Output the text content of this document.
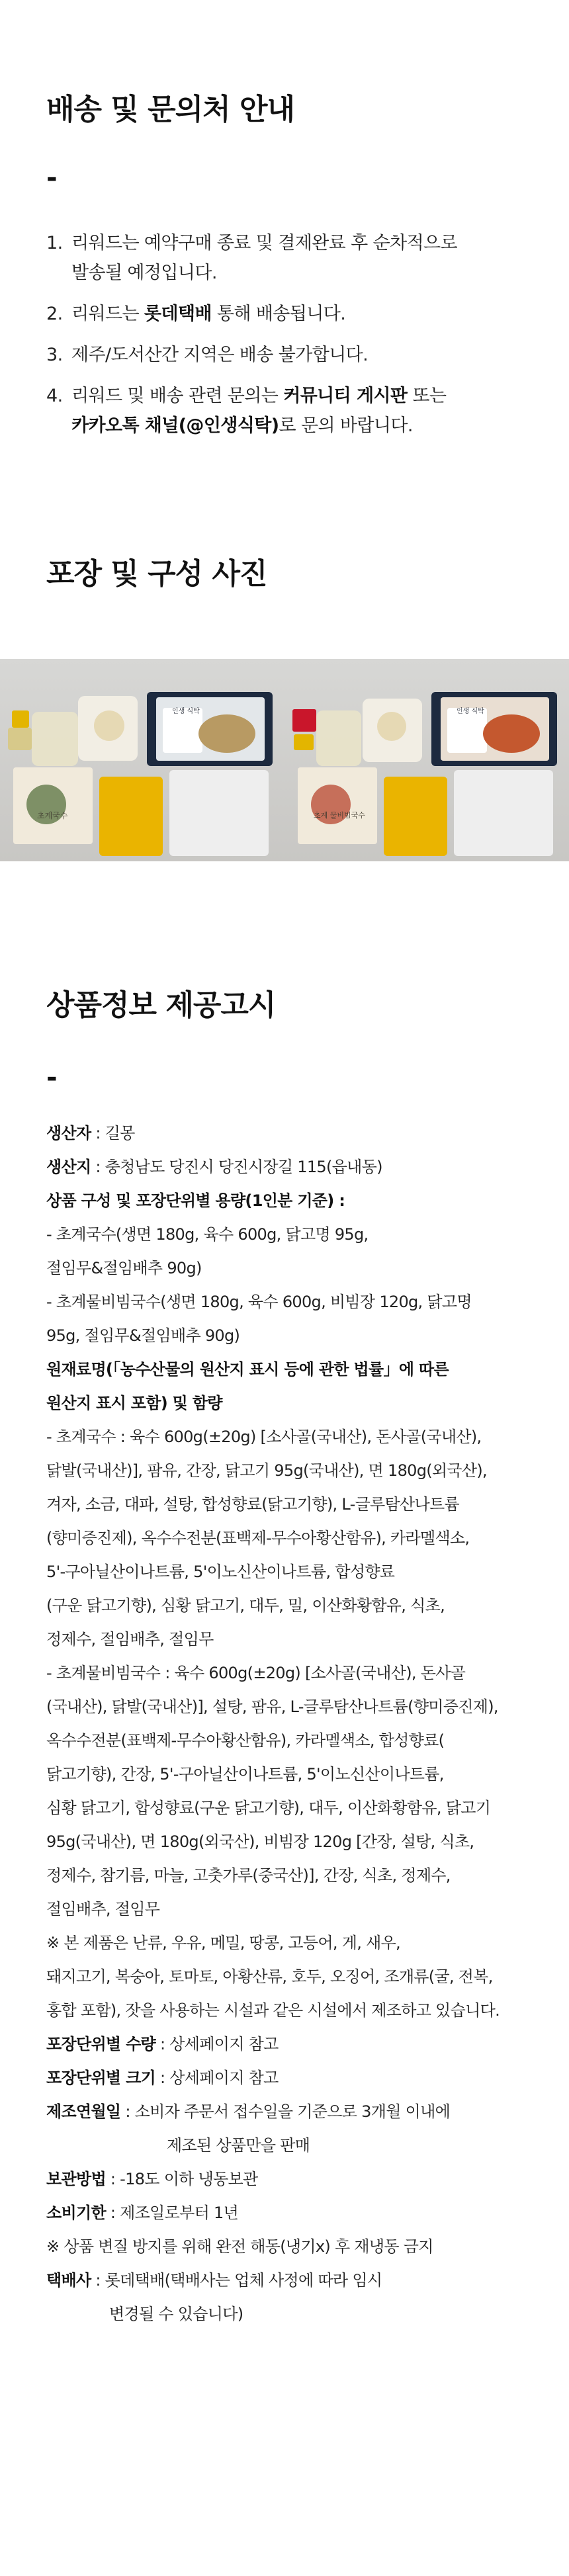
배송 및 문의처 안내
-
1. 리워드는 예약구매 종료 및 결제완료 후 순차적으로
발송될 예정입니다.
2. 리워드는 롯데택배 통해 배송됩니다.
3. 제주/도서산간 지역은 배송 불가합니다.
4. 리워드 및 배송 관련 문의는 커뮤니티 게시판 또는
카카오톡 채널(@인생식탁)로 문의 바랍니다.
포장 및 구성 사진
초계국수
인생 식탁
초계 물비빔국수
인생 식탁
상품정보 제공고시
-

생산자 : 길몽

생산지 : 충청남도 당진시 당진시장길 115(읍내동)

상품 구성 및 포장단위별 용량(1인분 기준) :

- 초계국수(생면 180g, 육수 600g, 닭고명 95g,

절임무&절임배추 90g)

- 초계물비빔국수(생면 180g, 육수 600g, 비빔장 120g, 닭고명

95g, 절임무&절임배추 90g)

원재료명(「농수산물의 원산지 표시 등에 관한 법률」에 따른

원산지 표시 포함) 및 함량

- 초계국수 : 육수 600g(±20g) [소사골(국내산), 돈사골(국내산),

닭발(국내산)], 팜유, 간장, 닭고기 95g(국내산), 면 180g(외국산),

겨자, 소금, 대파, 설탕, 합성향료(닭고기향), L-글루탐산나트륨

(향미증진제), 옥수수전분(표백제-무수아황산함유), 카라멜색소,

5'-구아닐산이나트륨, 5'이노신산이나트륨, 합성향료

(구운 닭고기향), 심황 닭고기, 대두, 밀, 이산화황함유, 식초,

정제수, 절임배추, 절임무

- 초계물비빔국수 : 육수 600g(±20g) [소사골(국내산), 돈사골

(국내산), 닭발(국내산)], 설탕, 팜유, L-글루탐산나트륨(향미증진제),

옥수수전분(표백제-무수아황산함유), 카라멜색소, 합성향료(

닭고기향), 간장, 5'-구아닐산이나트륨, 5'이노신산이나트륨,

심황 닭고기, 합성향료(구운 닭고기향), 대두, 이산화황함유, 닭고기

95g(국내산), 면 180g(외국산), 비빔장 120g [간장, 설탕, 식초,

정제수, 참기름, 마늘, 고춧가루(중국산)], 간장, 식초, 정제수,

절임배추, 절임무

※ 본 제품은 난류, 우유, 메밀, 땅콩, 고등어, 게, 새우,

돼지고기, 복숭아, 토마토, 아황산류, 호두, 오징어, 조개류(굴, 전복,

홍합 포함), 잣을 사용하는 시설과 같은 시설에서 제조하고 있습니다.

포장단위별 수량 : 상세페이지 참고

포장단위별 크기 : 상세페이지 참고

제조연월일 : 소비자 주문서 접수일을 기준으로 3개월 이내에

제조된 상품만을 판매

보관방법 : -18도 이하 냉동보관

소비기한 : 제조일로부터 1년

※ 상품 변질 방지를 위해 완전 해동(냉기x) 후 재냉동 금지

택배사 : 롯데택배(택배사는 업체 사정에 따라 임시

변경될 수 있습니다)
